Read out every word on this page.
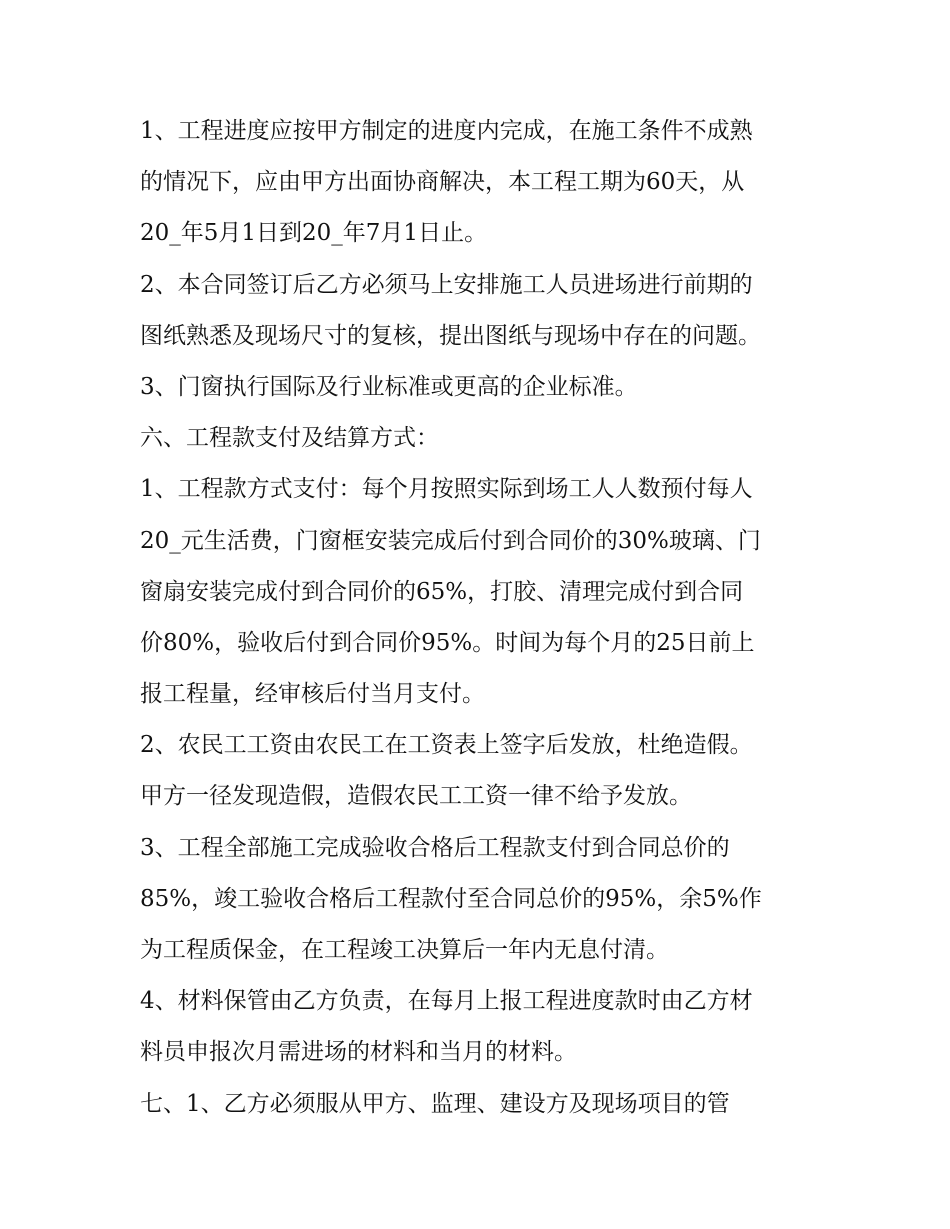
1、工程进度应按甲方制定的进度内完成，在施工条件不成熟
的情况下，应由甲方出面协商解决，本工程工期为60天，从
20_年5月1日到20_年7月1日止。
2、本合同签订后乙方必须马上安排施工人员进场进行前期的
图纸熟悉及现场尺寸的复核，提出图纸与现场中存在的问题。
3、门窗执行国际及行业标准或更高的企业标准。
六、工程款支付及结算方式：
1、工程款方式支付：每个月按照实际到场工人人数预付每人
20_元生活费，门窗框安装完成后付到合同价的30%玻璃、门
窗扇安装完成付到合同价的65%，打胶、清理完成付到合同
价80%，验收后付到合同价95%。时间为每个月的25日前上
报工程量，经审核后付当月支付。
2、农民工工资由农民工在工资表上签字后发放，杜绝造假。
甲方一径发现造假，造假农民工工资一律不给予发放。
3、工程全部施工完成验收合格后工程款支付到合同总价的
85%，竣工验收合格后工程款付至合同总价的95%，余5%作
为工程质保金，在工程竣工决算后一年内无息付清。
4、材料保管由乙方负责，在每月上报工程进度款时由乙方材
料员申报次月需进场的材料和当月的材料。
七、1、乙方必须服从甲方、监理、建设方及现场项目的管
